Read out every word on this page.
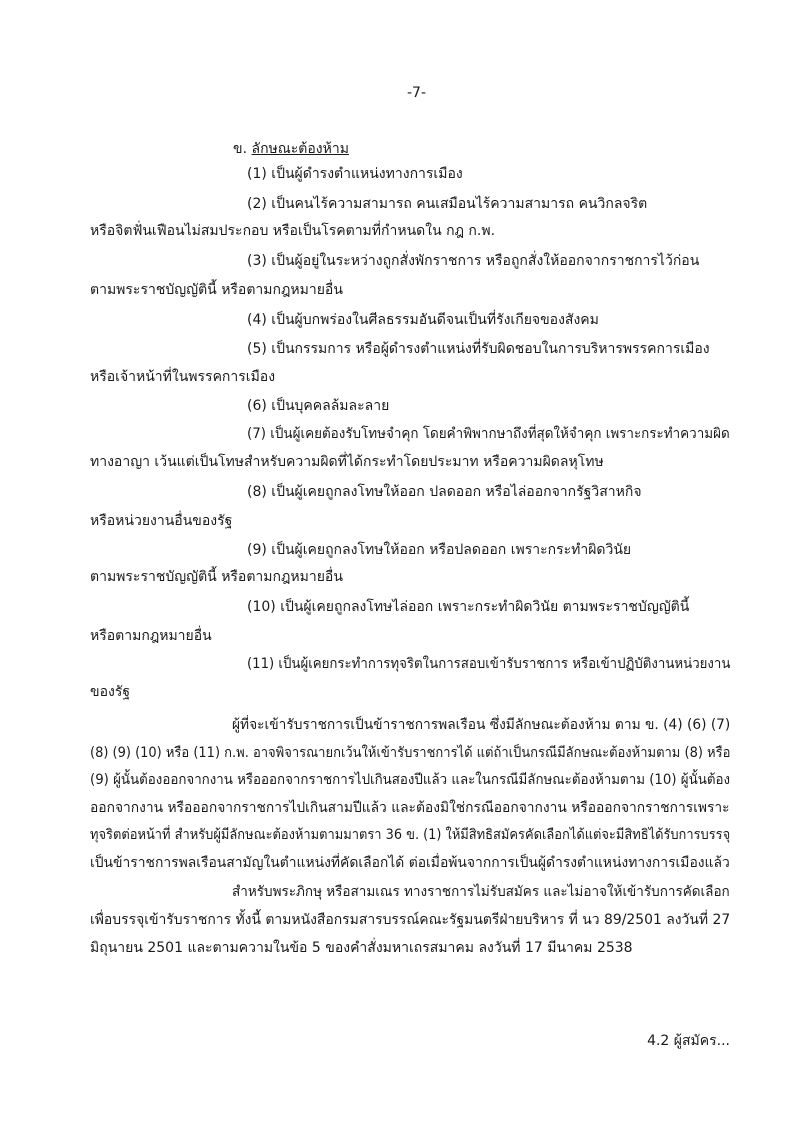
-7-
ข. ลักษณะต้องห้าม
(1) เป็นผู้ดำรงตำแหน่งทางการเมือง
(2) เป็นคนไร้ความสามารถ คนเสมือนไร้ความสามารถ คนวิกลจริต
หรือจิตฟั่นเฟือนไม่สมประกอบ หรือเป็นโรคตามที่กำหนดใน กฎ ก.พ.
(3) เป็นผู้อยู่ในระหว่างถูกสั่งพักราชการ หรือถูกสั่งให้ออกจากราชการไว้ก่อน
ตามพระราชบัญญัตินี้ หรือตามกฎหมายอื่น
(4) เป็นผู้บกพร่องในศีลธรรมอันดีจนเป็นที่รังเกียจของสังคม
(5) เป็นกรรมการ หรือผู้ดำรงตำแหน่งที่รับผิดชอบในการบริหารพรรคการเมือง
หรือเจ้าหน้าที่ในพรรคการเมือง
(6) เป็นบุคคลล้มละลาย
(7) เป็นผู้เคยต้องรับโทษจำคุก โดยคำพิพากษาถึงที่สุดให้จำคุก เพราะกระทำความผิด
ทางอาญา เว้นแต่เป็นโทษสำหรับความผิดที่ได้กระทำโดยประมาท หรือความผิดลหุโทษ
(8) เป็นผู้เคยถูกลงโทษให้ออก ปลดออก หรือไล่ออกจากรัฐวิสาหกิจ
หรือหน่วยงานอื่นของรัฐ
(9) เป็นผู้เคยถูกลงโทษให้ออก หรือปลดออก เพราะกระทำผิดวินัย
ตามพระราชบัญญัตินี้ หรือตามกฎหมายอื่น
(10) เป็นผู้เคยถูกลงโทษไล่ออก เพราะกระทำผิดวินัย ตามพระราชบัญญัตินี้
หรือตามกฎหมายอื่น
(11) เป็นผู้เคยกระทำการทุจริตในการสอบเข้ารับราชการ หรือเข้าปฏิบัติงานหน่วยงาน
ของรัฐ
ผู้ที่จะเข้ารับราชการเป็นข้าราชการพลเรือน ซึ่งมีลักษณะต้องห้าม ตาม ข. (4) (6) (7)
(8) (9) (10) หรือ (11) ก.พ. อาจพิจารณายกเว้นให้เข้ารับราชการได้ แต่ถ้าเป็นกรณีมีลักษณะต้องห้ามตาม (8) หรือ
(9) ผู้นั้นต้องออกจากงาน หรือออกจากราชการไปเกินสองปีแล้ว และในกรณีมีลักษณะต้องห้ามตาม (10) ผู้นั้นต้อง
ออกจากงาน หรือออกจากราชการไปเกินสามปีแล้ว และต้องมิใช่กรณีออกจากงาน หรือออกจากราชการเพราะ
ทุจริตต่อหน้าที่ สำหรับผู้มีลักษณะต้องห้ามตามมาตรา 36 ข. (1) ให้มีสิทธิสมัครคัดเลือกได้แต่จะมีสิทธิได้รับการบรรจุ
เป็นข้าราชการพลเรือนสามัญในตำแหน่งที่คัดเลือกได้ ต่อเมื่อพ้นจากการเป็นผู้ดำรงตำแหน่งทางการเมืองแล้ว
สำหรับพระภิกษุ หรือสามเณร ทางราชการไม่รับสมัคร และไม่อาจให้เข้ารับการคัดเลือก
เพื่อบรรจุเข้ารับราชการ ทั้งนี้ ตามหนังสือกรมสารบรรณ์คณะรัฐมนตรีฝ่ายบริหาร ที่ นว 89/2501 ลงวันที่ 27
มิถุนายน 2501 และตามความในข้อ 5 ของคำสั่งมหาเถรสมาคม ลงวันที่ 17 มีนาคม 2538
4.2 ผู้สมัคร...
